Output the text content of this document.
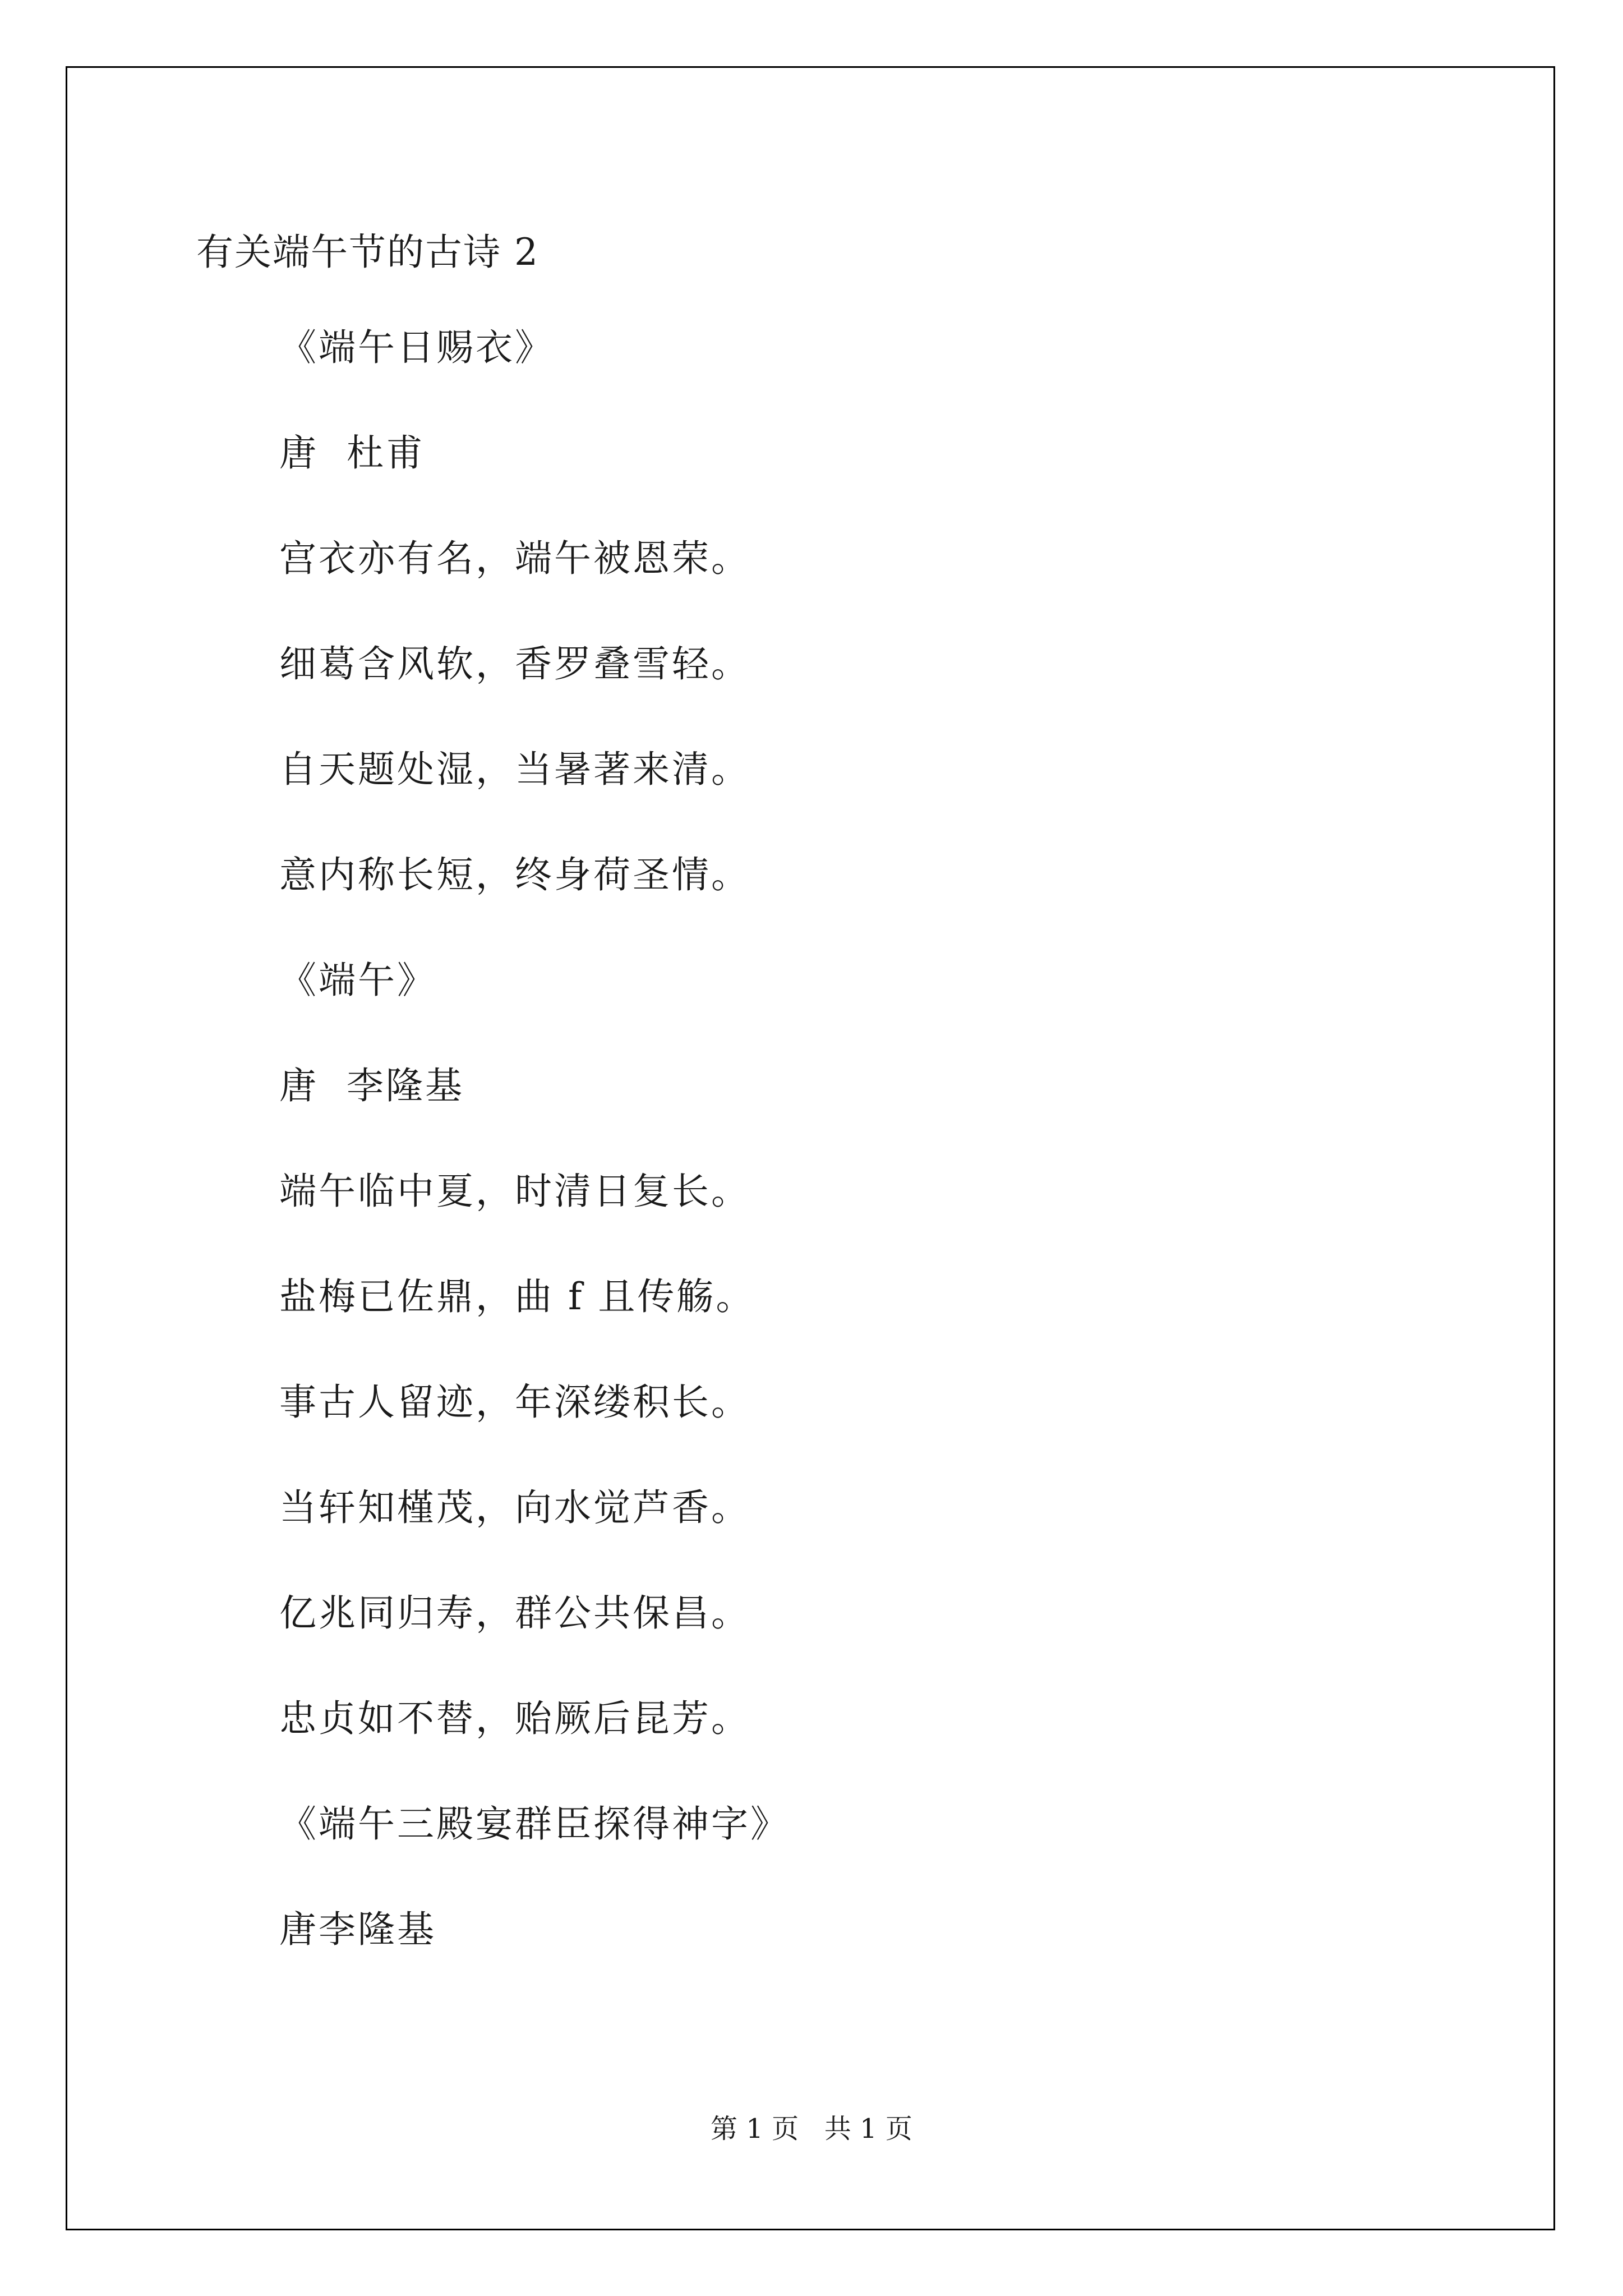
有关端午节的古诗 2
《端午日赐衣》
唐  杜甫
宫衣亦有名，端午被恩荣。
细葛含风软，香罗叠雪轻。
自天题处湿，当暑著来清。
意内称长短，终身荷圣情。
《端午》
唐  李隆基
端午临中夏，时清日复长。
盐梅已佐鼎，曲 f 且传觞。
事古人留迹，年深缕积长。
当轩知槿茂，向水觉芦香。
亿兆同归寿，群公共保昌。
忠贞如不替，贻厥后昆芳。
《端午三殿宴群臣探得神字》
唐李隆基
第 1 页   共 1 页
